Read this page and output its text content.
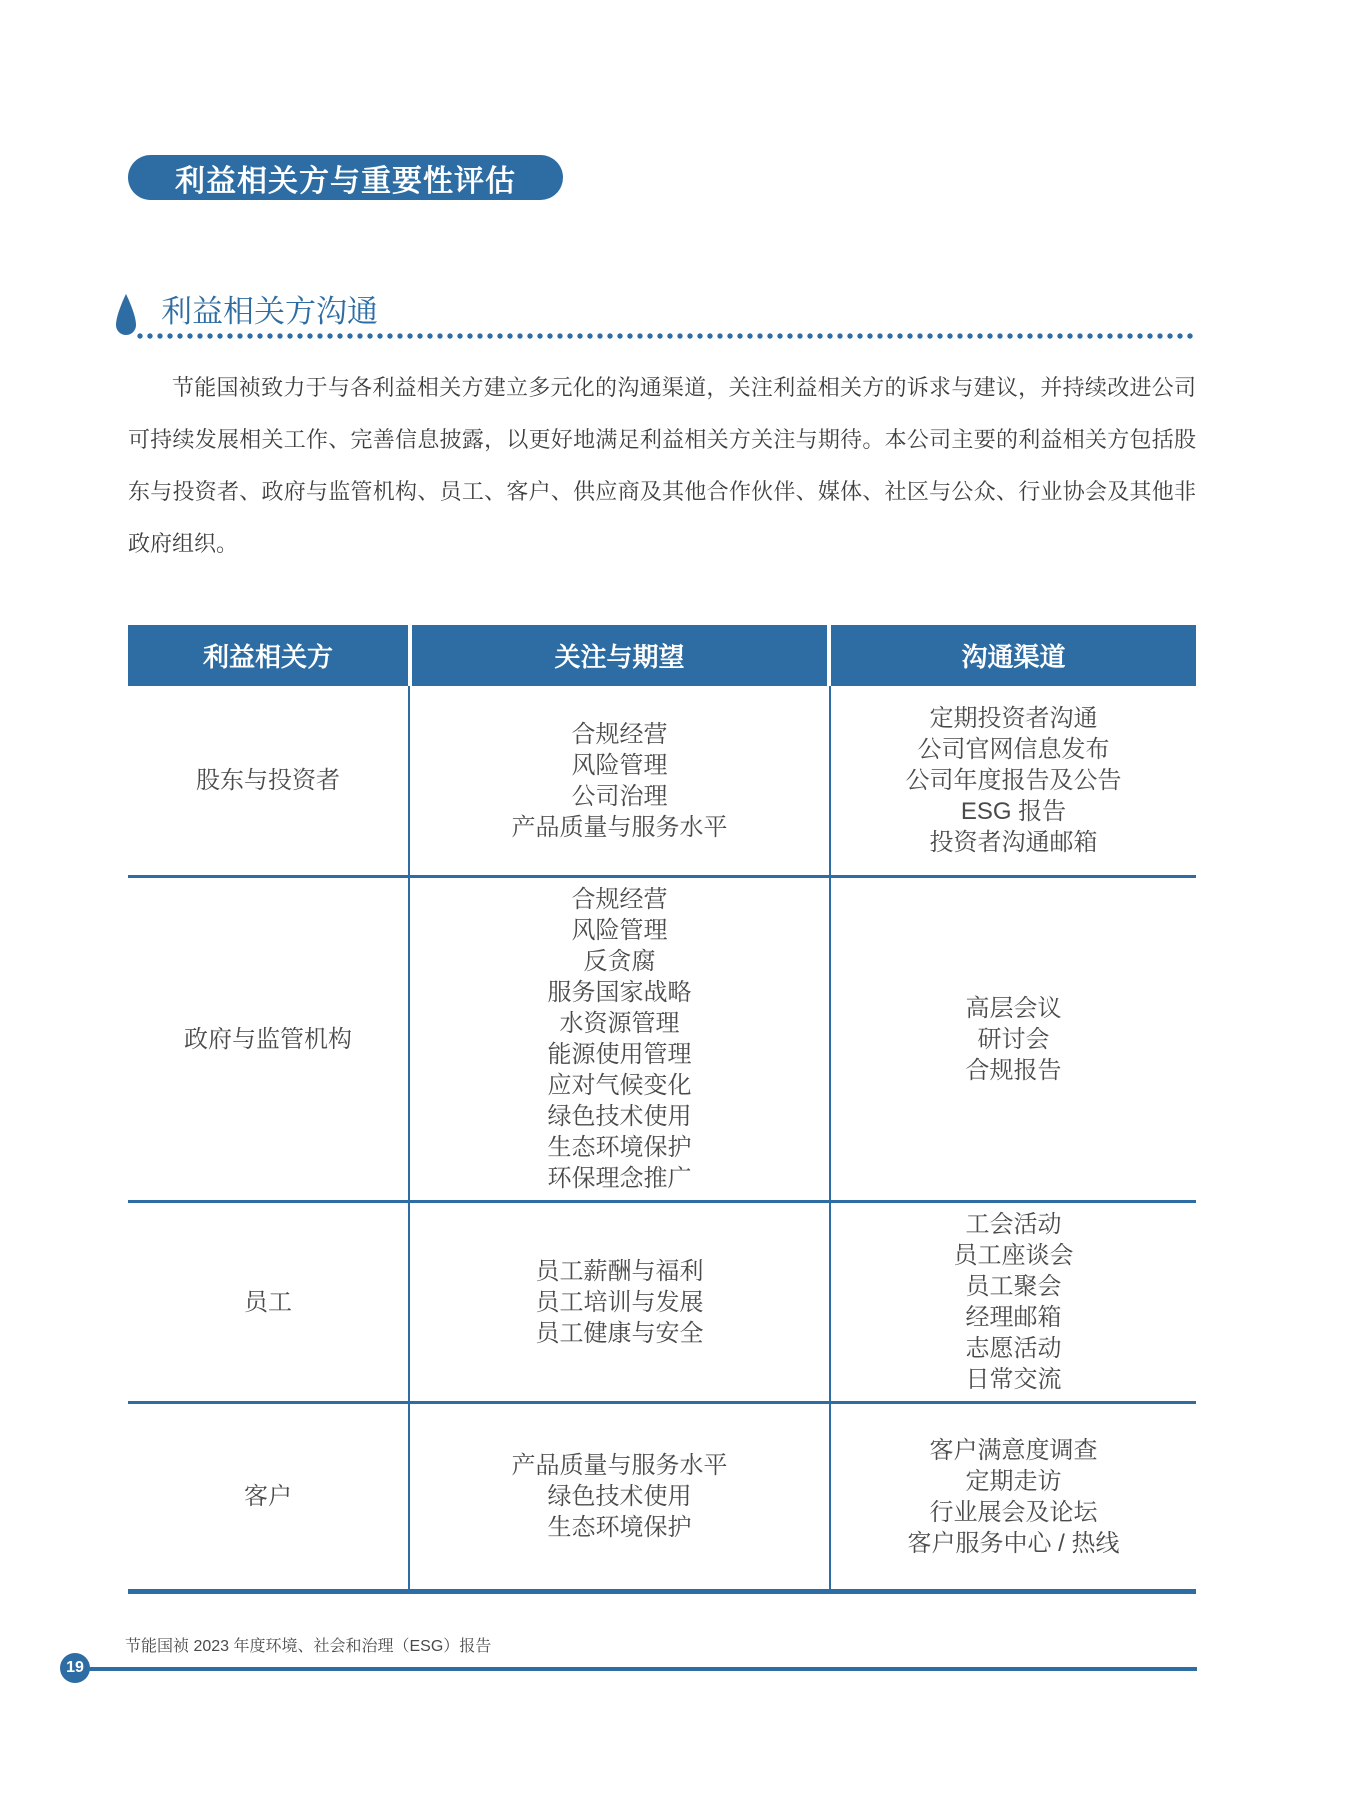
利益相关方与重要性评估
利益相关方沟通

节能国祯致力于与各利益相关方建立多元化的沟通渠道，关注利益相关方的诉求与建议，并持续改进公司可持续发展相关工作、完善信息披露，以更好地满足利益相关方关注与期待。本公司主要的利益相关方包括股东与投资者、政府与监管机构、员工、客户、供应商及其他合作伙伴、媒体、社区与公众、行业协会及其他非政府组织。

利益相关方	关注与期望	沟通渠道
股东与投资者
合规经营
风险管理
公司治理
产品质量与服务水平
定期投资者沟通
公司官网信息发布
公司年度报告及公告
ESG 报告
投资者沟通邮箱
政府与监管机构
合规经营
风险管理
反贪腐
服务国家战略
水资源管理
能源使用管理
应对气候变化
绿色技术使用
生态环境保护
环保理念推广
高层会议
研讨会
合规报告
员工
员工薪酬与福利
员工培训与发展
员工健康与安全
工会活动
员工座谈会
员工聚会
经理邮箱
志愿活动
日常交流
客户
产品质量与服务水平
绿色技术使用
生态环境保护
客户满意度调查
定期走访
行业展会及论坛
客户服务中心 / 热线
19
节能国祯 2023 年度环境、社会和治理（ESG）报告
